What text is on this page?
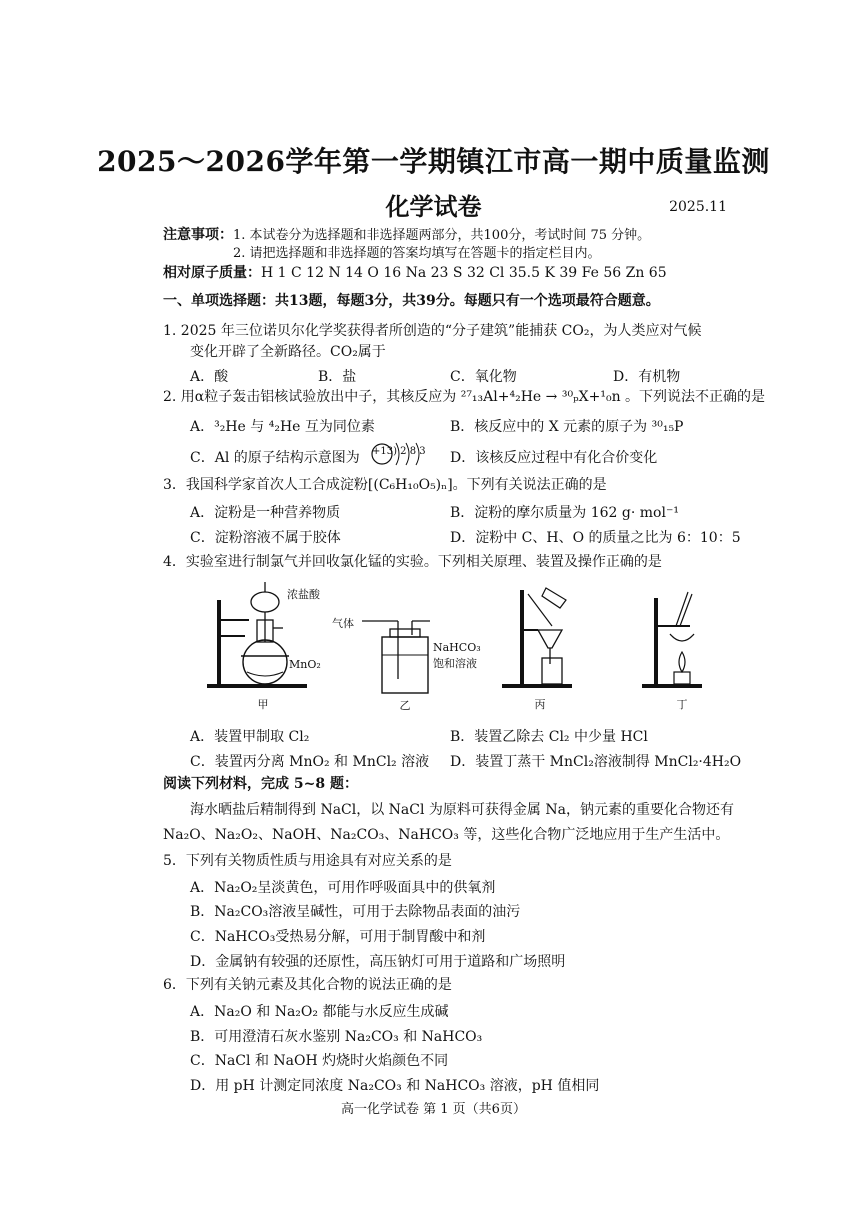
2025～2026学年第一学期镇江市高一期中质量监测
化学试卷	2025.11
注意事项：1. 本试卷分为选择题和非选择题两部分，共100分，考试时间 75 分钟。
2. 请把选择题和非选择题的答案均填写在答题卡的指定栏目内。
相对原子质量：H 1 C 12 N 14 O 16 Na 23 S 32 Cl 35.5 K 39 Fe 56 Zn 65
一、单项选择题：共13题，每题3分，共39分。每题只有一个选项最符合题意。
1. 2025 年三位诺贝尔化学奖获得者所创造的“分子建筑”能捕获 CO₂，为人类应对气候
变化开辟了全新路径。CO₂属于
A．酸	B．盐	C．氧化物	D．有机物
2. 用α粒子轰击铝核试验放出中子，其核反应为 ²⁷₁₃Al+⁴₂He → ³⁰ₚX+¹₀n 。下列说法不正确的是
A．³₂He 与 ⁴₂He 互为同位素	B．核反应中的 X 元素的原子为 ³⁰₁₅P
C．Al 的原子结构示意图为 +13) 2 8 3 D．该核反应过程中有化合价变化
3．我国科学家首次人工合成淀粉[(C₆H₁₀O₅)ₙ]。下列有关说法正确的是
A．淀粉是一种营养物质	B．淀粉的摩尔质量为 162 g· mol⁻¹
C．淀粉溶液不属于胶体	D．淀粉中 C、H、O 的质量之比为 6：10：5
4．实验室进行制氯气并回收氯化锰的实验。下列相关原理、装置及操作正确的是
浓盐酸
MnO₂
甲
气体
NaHCO₃
饱和溶液
乙	丙	丁
A．装置甲制取 Cl₂	B．装置乙除去 Cl₂ 中少量 HCl
C．装置丙分离 MnO₂ 和 MnCl₂ 溶液 D．装置丁蒸干 MnCl₂溶液制得 MnCl₂·4H₂O
阅读下列材料，完成 5~8 题：
海水晒盐后精制得到 NaCl，以 NaCl 为原料可获得金属 Na，钠元素的重要化合物还有
Na₂O、Na₂O₂、NaOH、Na₂CO₃、NaHCO₃ 等，这些化合物广泛地应用于生产生活中。
5．下列有关物质性质与用途具有对应关系的是
A．Na₂O₂呈淡黄色，可用作呼吸面具中的供氧剂
B．Na₂CO₃溶液呈碱性，可用于去除物品表面的油污
C．NaHCO₃受热易分解，可用于制胃酸中和剂
D．金属钠有较强的还原性，高压钠灯可用于道路和广场照明
6．下列有关钠元素及其化合物的说法正确的是
A．Na₂O 和 Na₂O₂ 都能与水反应生成碱
B．可用澄清石灰水鉴别 Na₂CO₃ 和 NaHCO₃
C．NaCl 和 NaOH 灼烧时火焰颜色不同
D．用 pH 计测定同浓度 Na₂CO₃ 和 NaHCO₃ 溶液，pH 值相同
高一化学试卷 第 1 页（共6页）
